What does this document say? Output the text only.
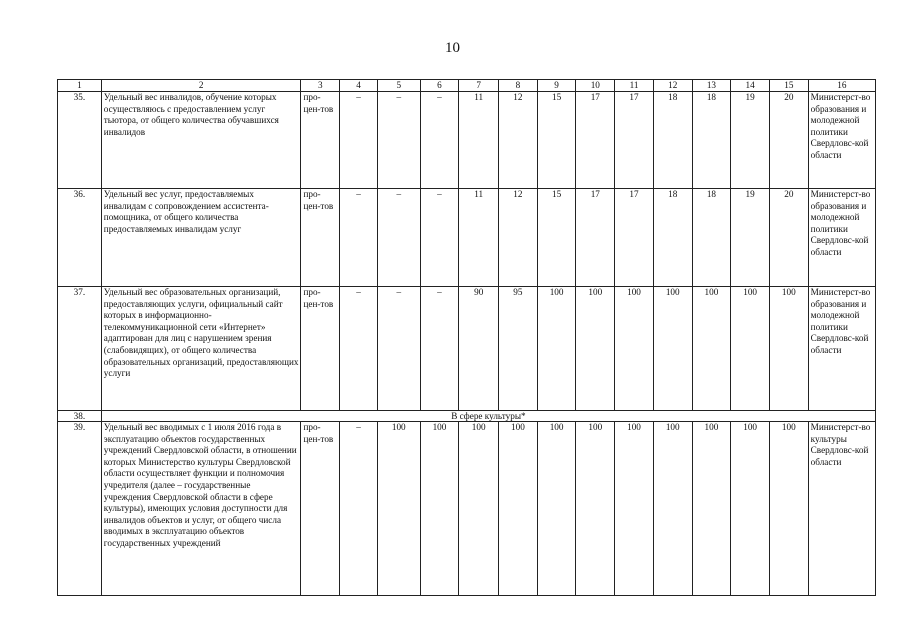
10
1	2	3	4	5	6	7	8	9	10	11	12	13	14	15	16
35.	Удельный вес инвалидов, обучение которых осуществляюсь с предоставлением услуг тьютора, от общего количества обучавшихся инвалидов	про-цен-тов	–	–	–	11	12	15	17	17	18	18	19	20	Министерст-во образования и молодежной политики Свердловс-кой области
36.	Удельный вес услуг, предоставляемых инвалидам с сопровождением ассистента-помощника, от общего количества предоставляемых инвалидам услуг	про-цен-тов	–	–	–	11	12	15	17	17	18	18	19	20	Министерст-во образования и молодежной политики Свердловс-кой области
37.	Удельный вес образовательных организаций, предоставляющих услуги, официальный сайт которых в информационно-телекоммуникационной сети «Интернет» адаптирован для лиц с нарушением зрения (слабовидящих), от общего количества образовательных организаций, предоставляющих услуги	про-цен-тов	–	–	–	90	95	100	100	100	100	100	100	100	Министерст-во образования и молодежной политики Свердловс-кой области
38.	В сфере культуры*														
39.	Удельный вес вводимых с 1 июля 2016 года в эксплуатацию объектов государственных учреждений Свердловской области, в отношении которых Министерство культуры Свердловской области осуществляет функции и полномочия учредителя (далее – государственные учреждения Свердловской области в сфере культуры), имеющих условия доступности для инвалидов объектов и услуг, от общего числа вводимых в эксплуатацию объектов государственных учреждений	про-цен-тов	–	100	100	100	100	100	100	100	100	100	100	100	Министерст-во культуры Свердловс-кой области
